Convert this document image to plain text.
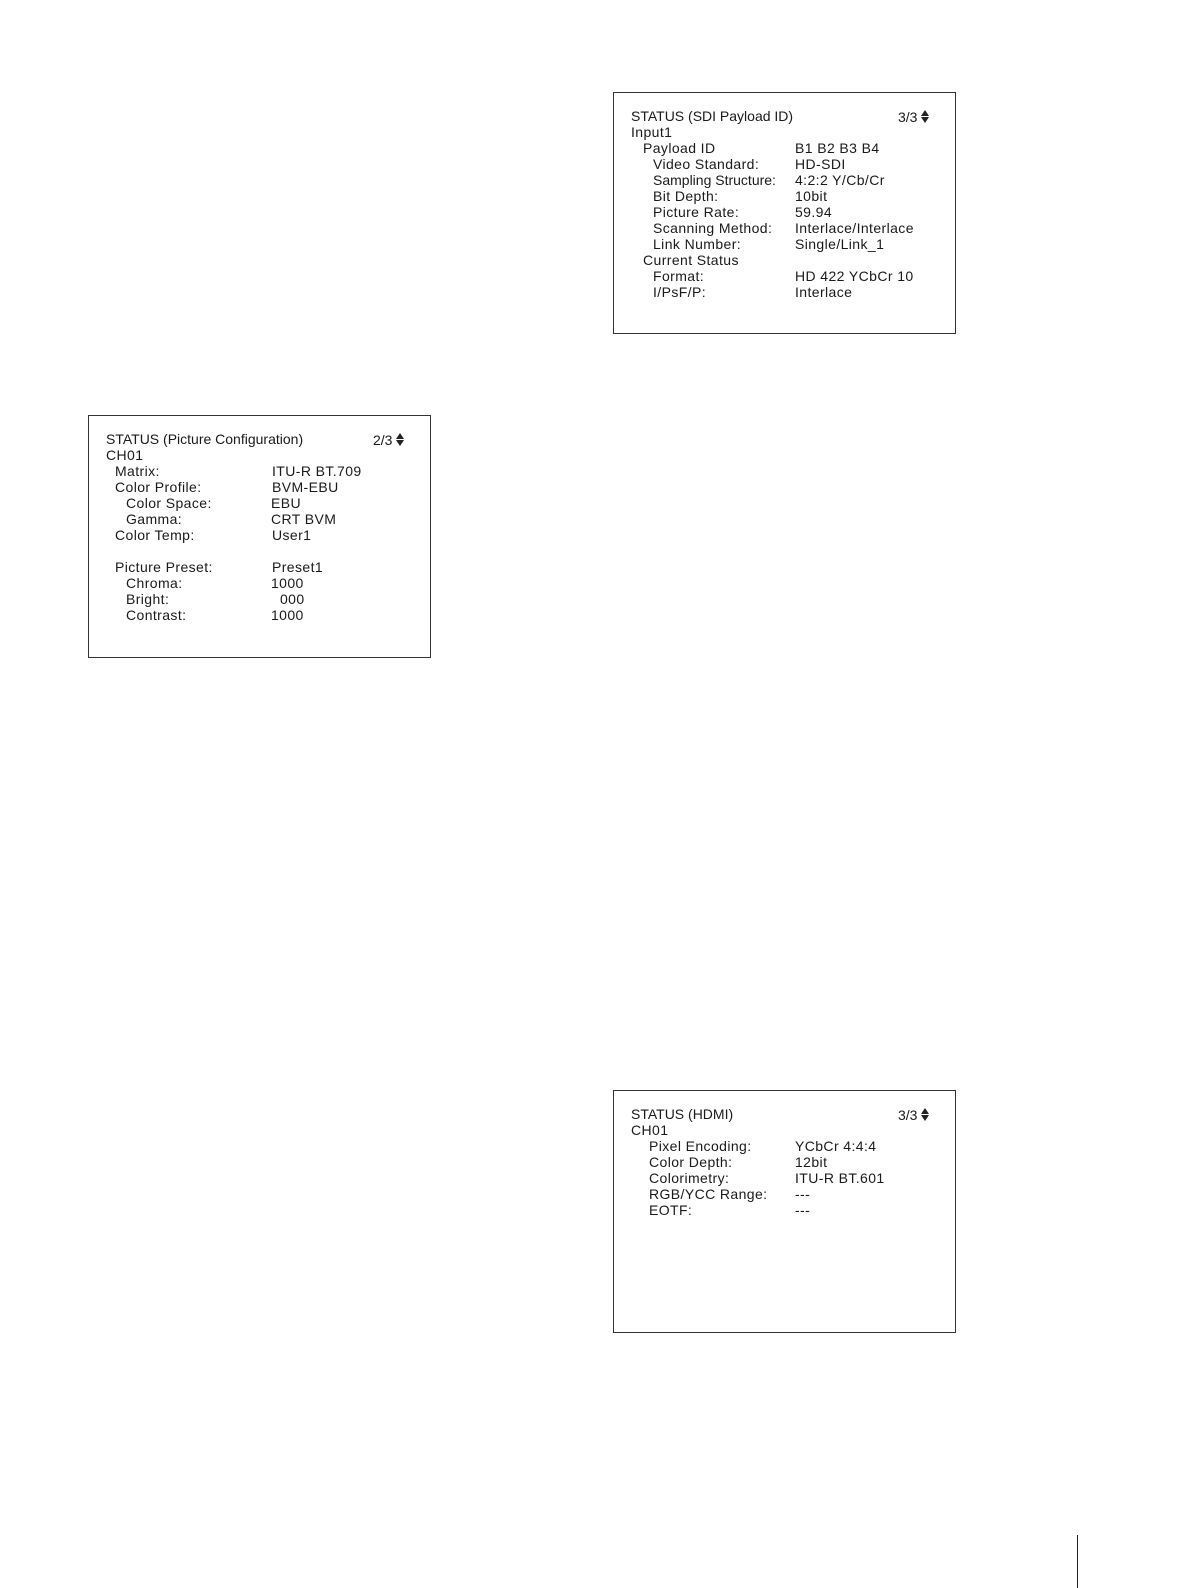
STATUS (SDI Payload ID)	3/3
Input1
Payload ID	B1 B2 B3 B4
Video Standard:	HD-SDI
Sampling Structure: 4:2:2 Y/Cb/Cr
Bit Depth:	10bit
Picture Rate:	59.94
Scanning Method: Interlace/Interlace
Link Number:	Single/Link_1
Current Status
Format:	HD 422 YCbCr 10
I/PsF/P:	Interlace
STATUS (Picture Configuration)	2/3
CH01
Matrix:	ITU-R BT.709
Color Profile:	BVM-EBU
Color Space:	EBU
Gamma:	CRT BVM
Color Temp:	User1
Picture Preset:	Preset1
Chroma:	1000
Bright:	000
Contrast:	1000
STATUS (HDMI)	3/3
CH01
Pixel Encoding:	YCbCr 4:4:4
Color Depth:	12bit
Colorimetry:	ITU-R BT.601
RGB/YCC Range: ---
EOTF:	---
